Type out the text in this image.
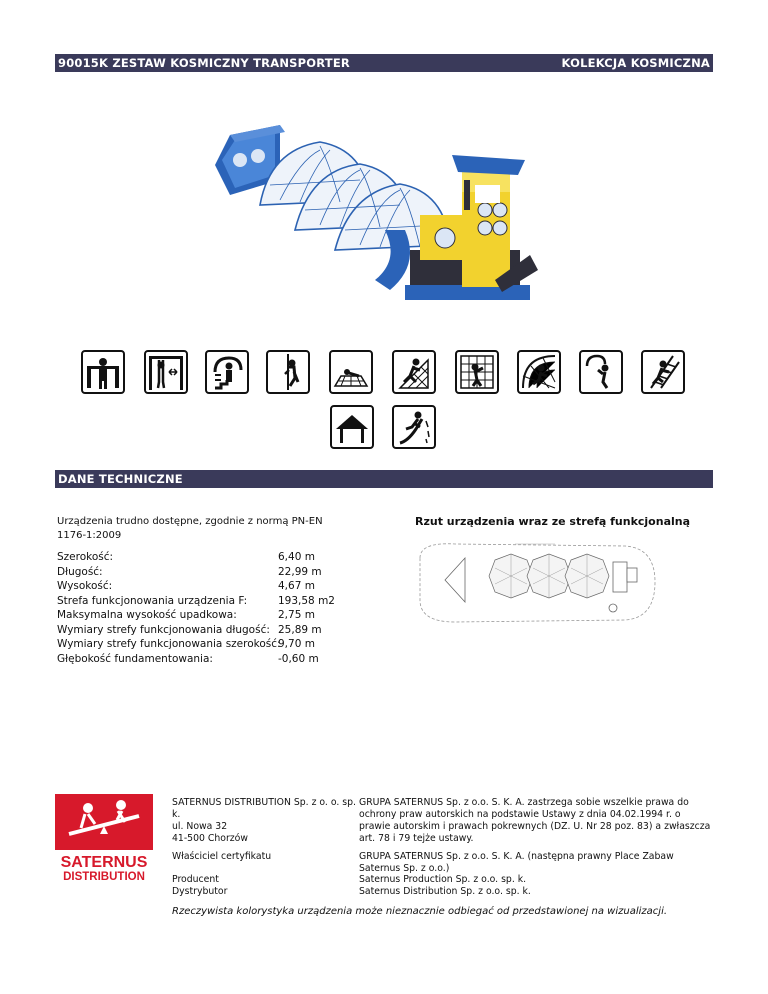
90015K ZESTAW KOSMICZNY TRANSPORTER	KOLEKCJA KOSMICZNA
DANE TECHNICZNE
Urządzenia trudno dostępne, zgodnie z normą PN-EN 1176-1:2009
Szerokość:
Długość:
Wysokość:
Strefa funkcjonowania urządzenia F:
Maksymalna wysokość upadkowa:
Wymiary strefy funkcjonowania długość:
Wymiary strefy funkcjonowania szerokość:
Głębokość fundamentowania:
6,40 m
22,99 m
4,67 m
193,58 m2
2,75 m
25,89 m
9,70 m
-0,60 m
Rzut urządzenia wraz ze strefą funkcjonalną
SATERNUS
DISTRIBUTION
SATERNUS DISTRIBUTION Sp. z o. o. sp. k.
ul. Nowa 32
41-500 Chorzów
Właściciel certyfikatu
Producent
Dystrybutor
GRUPA SATERNUS Sp. z o.o. S. K. A. zastrzega sobie wszelkie prawa do ochrony praw autorskich na podstawie Ustawy z dnia 04.02.1994 r. o prawie autorskim i prawach pokrewnych (DZ. U. Nr 28 poz. 83) a zwłaszcza art. 78 i 79 tejże ustawy.
GRUPA SATERNUS Sp. z o.o. S. K. A. (następna prawny Place Zabaw Saternus Sp. z o.o.)
Saternus Production Sp. z o.o. sp. k.
Saternus Distribution Sp. z o.o. sp. k.
Rzeczywista kolorystyka urządzenia może nieznacznie odbiegać od przedstawionej na wizualizacji.
